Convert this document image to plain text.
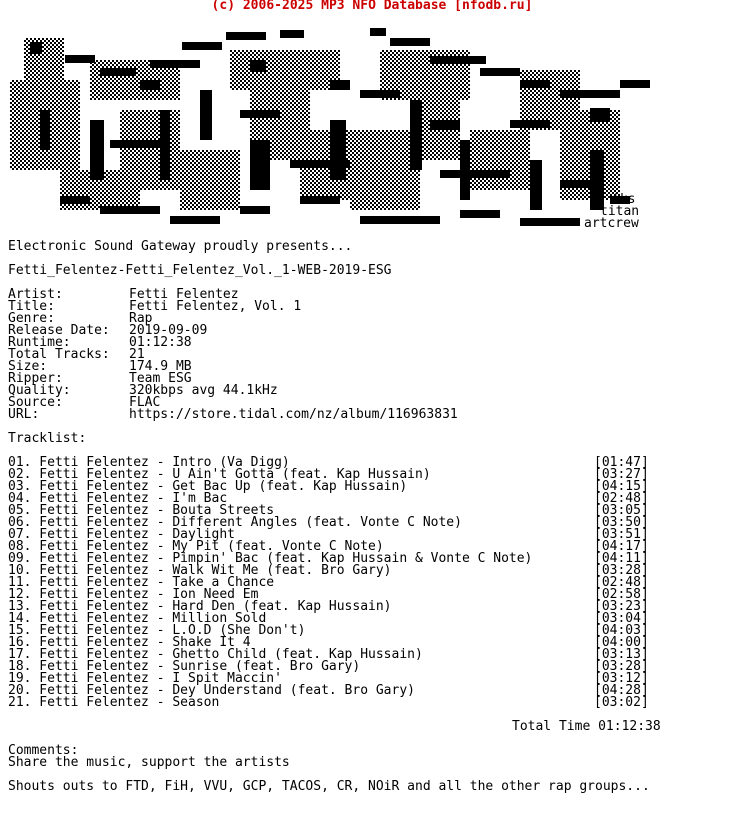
(c) 2006-2025 MP3 NFO Database [nfodb.ru]
iks
titan
artcrew
Electronic Sound Gateway proudly presents...
Fetti_Felentez-Fetti_Felentez_Vol._1-WEB-2019-ESG
Artist:	Fetti Felentez
Title:	Fetti Felentez, Vol. 1
Genre:	Rap
Release Date: 2019-09-09
Runtime:	01:12:38
Total Tracks: 21
Size:	174.9 MB
Ripper:	Team ESG
Quality:	320kbps avg 44.1kHz
Source:	FLAC
URL:	https://store.tidal.com/nz/album/116963831
Tracklist:
01. Fetti Felentez - Intro (Va Digg)	[01:47]
02. Fetti Felentez - U Ain't Gotta (feat. Kap Hussain)	[03:27]
03. Fetti Felentez - Get Bac Up (feat. Kap Hussain)	[04:15]
04. Fetti Felentez - I'm Bac	[02:48]
05. Fetti Felentez - Bouta Streets	[03:05]
06. Fetti Felentez - Different Angles (feat. Vonte C Note)	[03:50]
07. Fetti Felentez - Daylight	[03:51]
08. Fetti Felentez - My Pit (feat. Vonte C Note)	[04:17]
09. Fetti Felentez - Pimpin' Bac (feat. Kap Hussain & Vonte C Note)	[04:11]
10. Fetti Felentez - Walk Wit Me (feat. Bro Gary)	[03:28]
11. Fetti Felentez - Take a Chance	[02:48]
12. Fetti Felentez - Ion Need Em	[02:58]
13. Fetti Felentez - Hard Den (feat. Kap Hussain)	[03:23]
14. Fetti Felentez - Million Sold	[03:04]
15. Fetti Felentez - L.O.D (She Don't)	[04:03]
16. Fetti Felentez - Shake It 4	[04:00]
17. Fetti Felentez - Ghetto Child (feat. Kap Hussain)	[03:13]
18. Fetti Felentez - Sunrise (feat. Bro Gary)	[03:28]
19. Fetti Felentez - I Spit Maccin'	[03:12]
20. Fetti Felentez - Dey Understand (feat. Bro Gary)	[04:28]
21. Fetti Felentez - Season	[03:02]
Total Time 01:12:38
Comments:
Share the music, support the artists
Shouts outs to FTD, FiH, VVU, GCP, TACOS, CR, NOiR and all the other rap groups...
